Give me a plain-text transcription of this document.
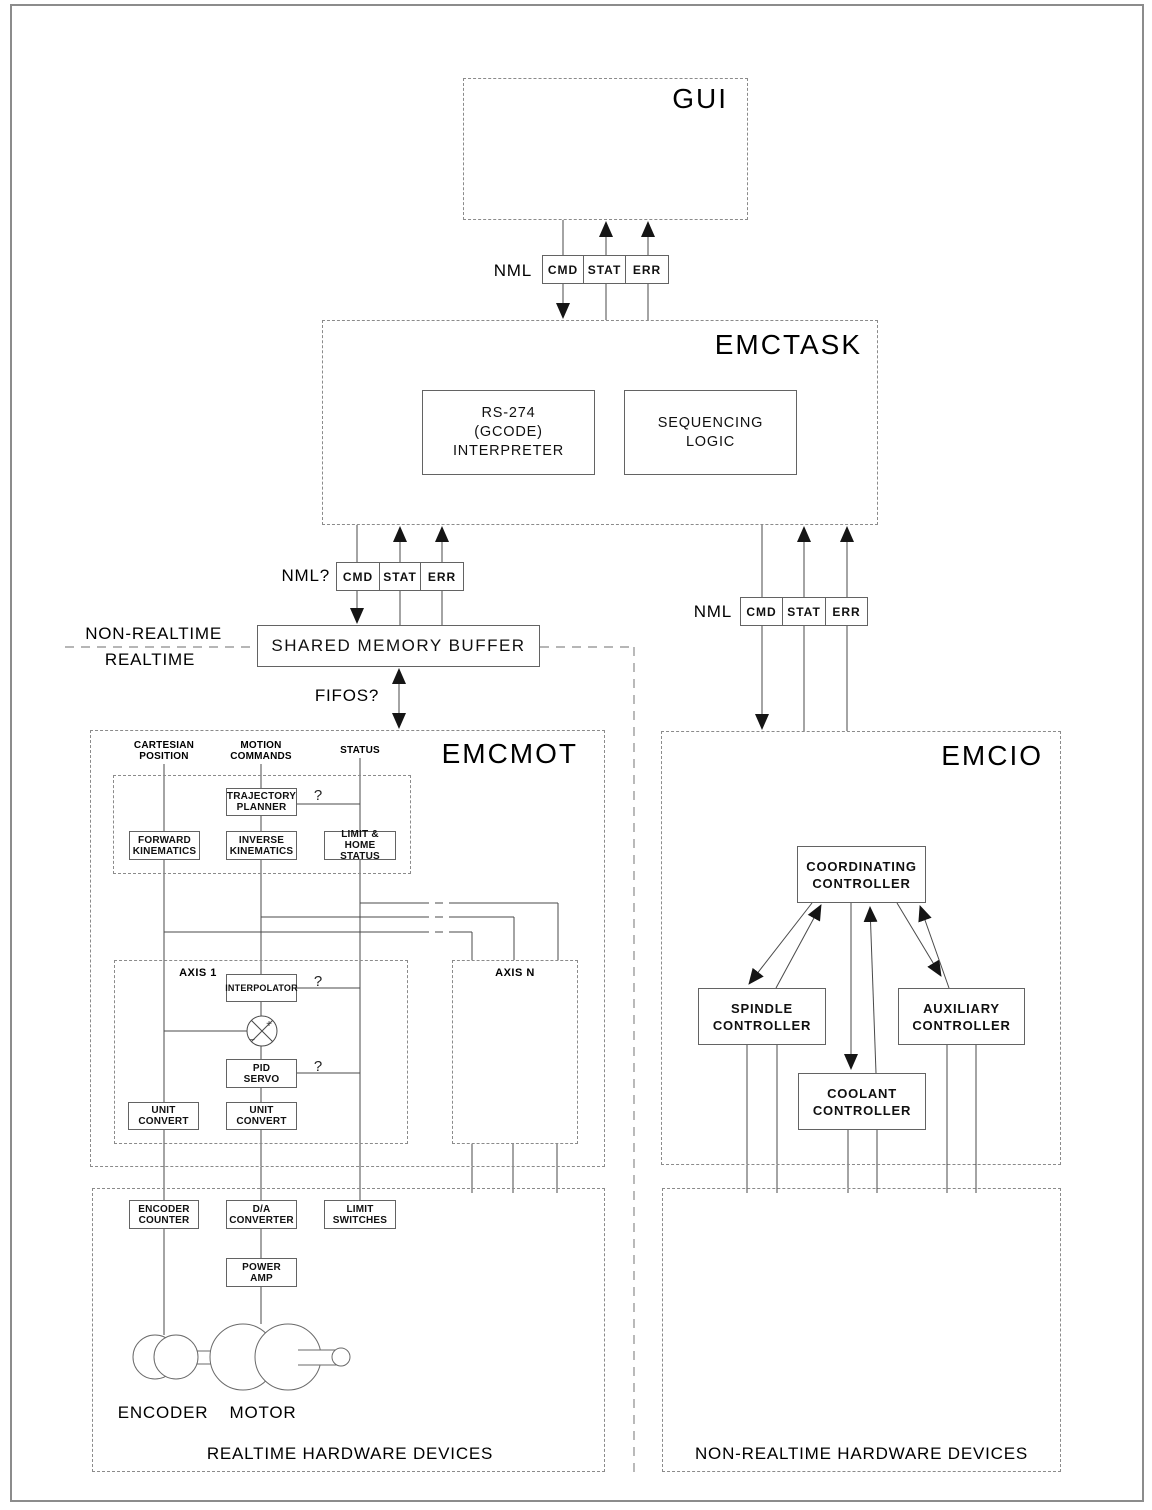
+
−
GUI
EMCTASK
EMCMOT	EMCIO
NML CMD STAT ERR
RS-274
(GCODE)
INTERPRETER
SEQUENCING
LOGIC
NML? CMD STAT ERR
NML CMD STAT ERR
SHARED MEMORY BUFFER
NON-REALTIME
REALTIME
FIFOS?
CARTESIAN
POSITION
MOTION
COMMANDS	STATUS
TRAJECTORY
PLANNER
?
FORWARD
KINEMATICS
INVERSE
KINEMATICS
LIMIT & HOME
STATUS
AXIS 1	AXIS N
INTERPOLATOR	?
PID
SERVO
?
UNIT
CONVERT
UNIT
CONVERT
ENCODER
COUNTER
D/A
CONVERTER
LIMIT
SWITCHES
POWER
AMP
ENCODER	MOTOR
REALTIME HARDWARE DEVICES
COORDINATING
CONTROLLER
SPINDLE
CONTROLLER
AUXILIARY
CONTROLLER
COOLANT
CONTROLLER
NON-REALTIME HARDWARE DEVICES
